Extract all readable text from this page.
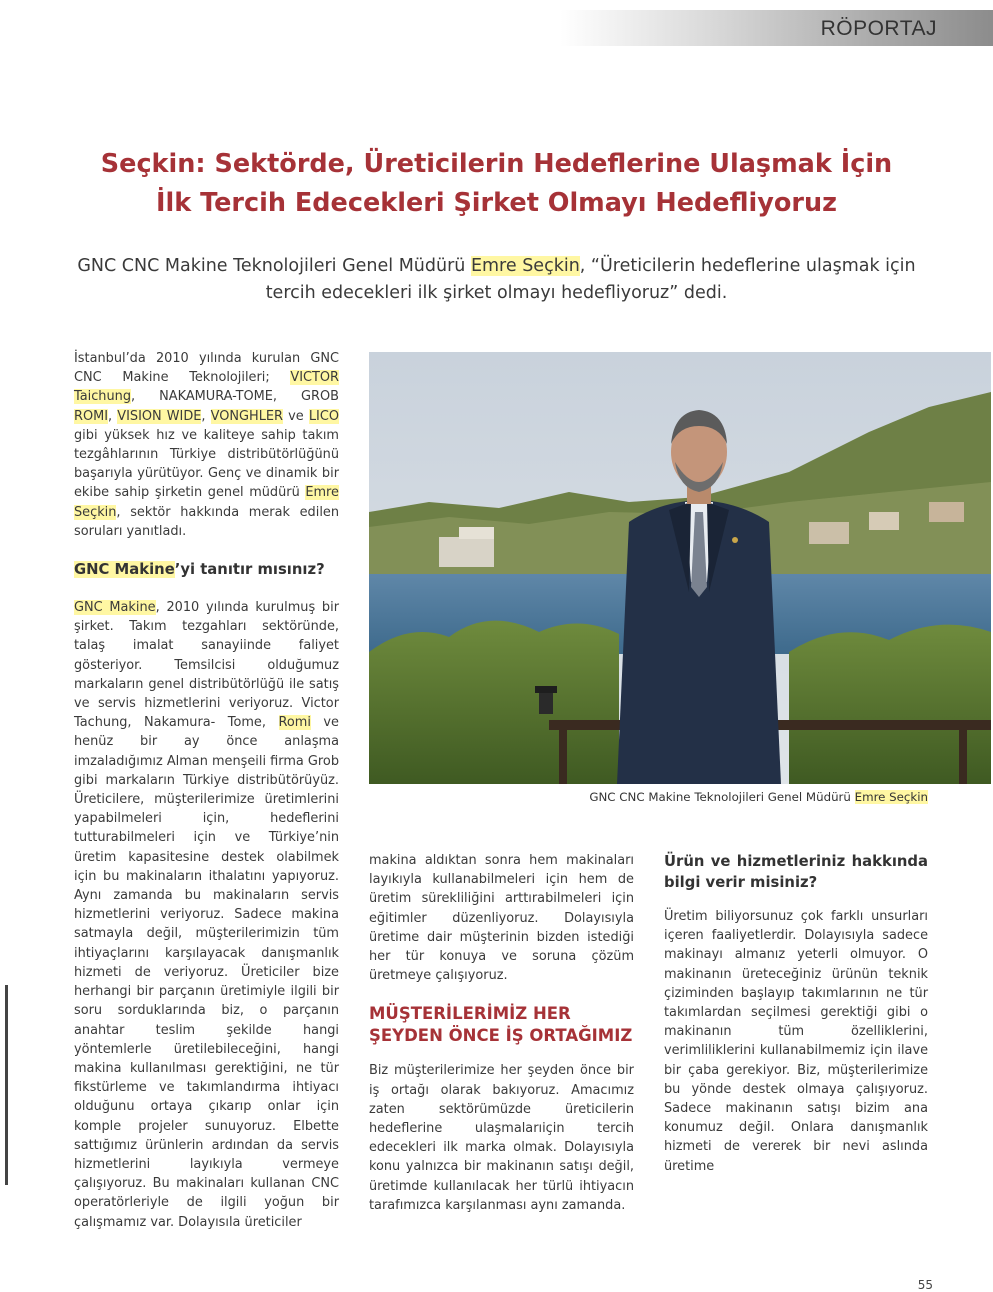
RÖPORTAJ
Seçkin: Sektörde, Üreticilerin Hedeflerine Ulaşmak İçin
İlk Tercih Edecekleri Şirket Olmayı Hedefliyoruz

GNC CNC Makine Teknolojileri Genel Müdürü Emre Seçkin, “Üreticilerin hedeflerine ulaşmak için tercih edecekleri ilk şirket olmayı hedefliyoruz” dedi.

İstanbul’da 2010 yılında kurulan GNC CNC Makine Teknolojileri; VICTOR Taichung, NAKAMURA-TOME, GROB ROMI, VISION WIDE, VONGHLER ve LICO gibi yüksek hız ve kaliteye sahip takım tezgâhlarının Türkiye distribütörlüğünü başarıyla yürütüyor. Genç ve dinamik bir ekibe sahip şirketin genel müdürü Emre Seçkin, sektör hakkında merak edilen soruları yanıtladı.

GNC Makine’yi tanıtır mısınız?

GNC Makine, 2010 yılında kurulmuş bir şirket. Takım tezgahları sektöründe, talaş imalat sanayiinde faliyet gösteriyor. Temsilcisi olduğumuz markaların genel distribütörlüğü ile satış ve servis hizmetlerini veriyoruz. Victor Tachung, Nakamura- Tome, Romi ve henüz bir ay önce anlaşma imzaladığımız Alman menşeili firma Grob gibi markaların Türkiye distribütörüyüz. Üreticilere, müşterilerimize üretimlerini yapabilmeleri için, hedeflerini tutturabilmeleri için ve Türkiye’nin üretim kapasitesine destek olabilmek için bu makinaların ithalatını yapıyoruz. Aynı zamanda bu makinaların servis hizmetlerini veriyoruz. Sadece makina satmayla değil, müşterilerimizin tüm ihtiyaçlarını karşılayacak danışmanlık hizmeti de veriyoruz. Üreticiler bize herhangi bir parçanın üretimiyle ilgili bir soru sorduklarında biz, o parçanın anahtar teslim şekilde hangi yöntemlerle üretilebileceğini, hangi makina kullanılması gerektiğini, ne tür fikstürleme ve takımlandırma ihtiyacı olduğunu ortaya çıkarıp onlar için komple projeler sunuyoruz. Elbette sattığımız ürünlerin ardından da servis hizmetlerini layıkıyla vermeye çalışıyoruz. Bu makinaları kullanan CNC operatörleriyle de ilgili yoğun bir çalışmamız var. Dolayısıla üreticiler

GNC CNC Makine Teknolojileri Genel Müdürü Emre Seçkin

makina aldıktan sonra hem makinaları layıkıyla kullanabilmeleri için hem de üretim sürekliliğini arttırabilmeleri için eğitimler düzenliyoruz. Dolayısıyla üretime dair müşterinin bizden istediği her tür konuya ve soruna çözüm üretmeye çalışıyoruz.

MÜŞTERİLERİMİZ HER
ŞEYDEN ÖNCE İŞ ORTAĞIMIZ

Biz müşterilerimize her şeyden önce bir iş ortağı olarak bakıyoruz. Amacımız zaten sektörümüzde üreticilerin hedeflerine ulaşmalarıiçin tercih edecekleri ilk marka olmak. Dolayısıyla konu yalnızca bir makinanın satışı değil, üretimde kullanılacak her türlü ihtiyacın tarafımızca karşılanması aynı zamanda.

Ürün ve hizmetleriniz hakkında bilgi verir misiniz?

Üretim biliyorsunuz çok farklı unsurları içeren faaliyetlerdir. Dolayısıyla sadece makinayı almanız yeterli olmuyor. O makinanın üreteceğiniz ürünün teknik çiziminden başlayıp takımlarının ne tür takımlardan seçilmesi gerektiği gibi o makinanın tüm özelliklerini, verimliliklerini kullanabilmemiz için ilave bir çaba gerekiyor. Biz, müşterilerimize bu yönde destek olmaya çalışıyoruz. Sadece makinanın satışı bizim ana konumuz değil. Onlara danışmanlık hizmeti de vererek bir nevi aslında üretime

55
